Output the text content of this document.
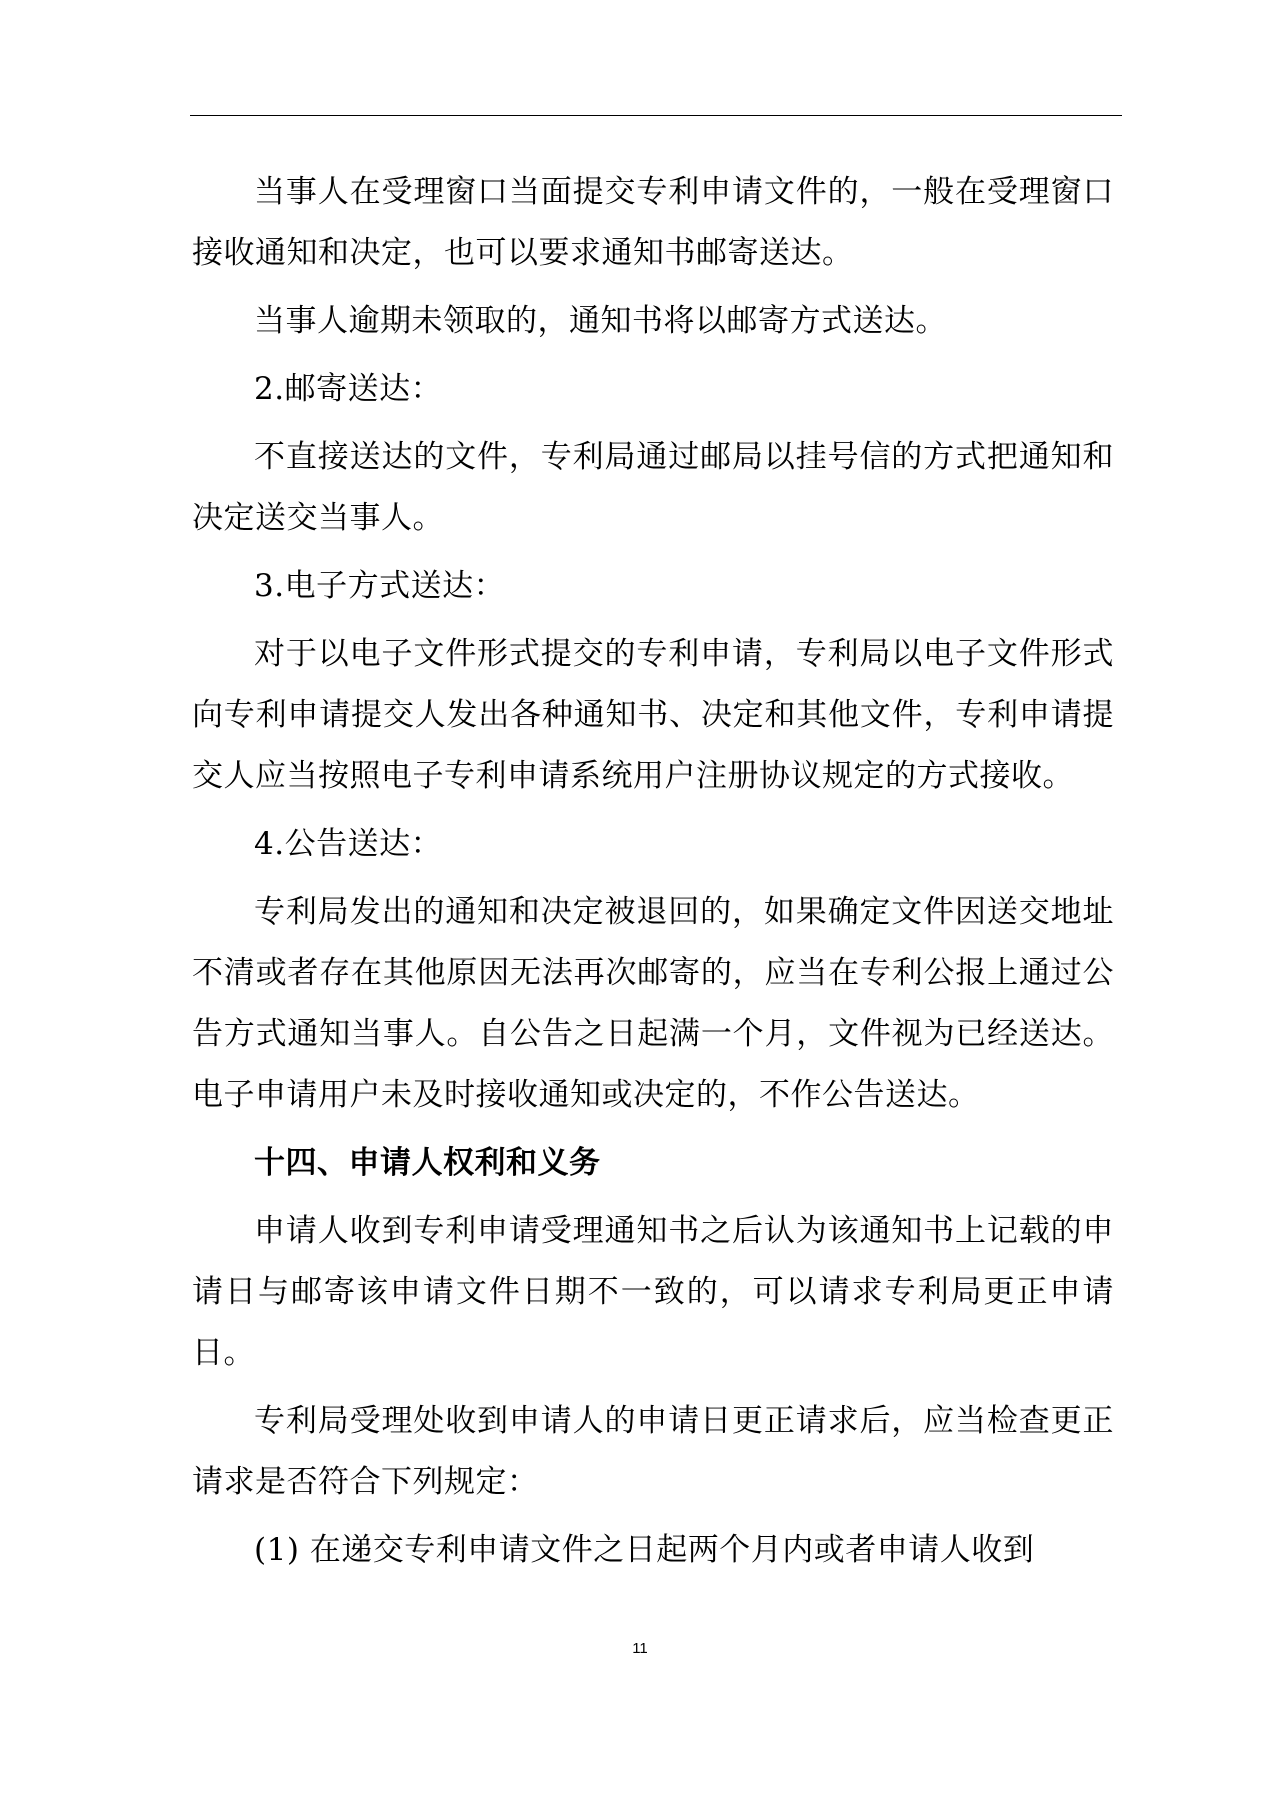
当事人在受理窗口当面提交专利申请文件的，一般在受理窗口接收通知和决定，也可以要求通知书邮寄送达。

当事人逾期未领取的，通知书将以邮寄方式送达。

2.邮寄送达：

不直接送达的文件，专利局通过邮局以挂号信的方式把通知和决定送交当事人。

3.电子方式送达：

对于以电子文件形式提交的专利申请，专利局以电子文件形式向专利申请提交人发出各种通知书、决定和其他文件，专利申请提交人应当按照电子专利申请系统用户注册协议规定的方式接收。

4.公告送达：

专利局发出的通知和决定被退回的，如果确定文件因送交地址不清或者存在其他原因无法再次邮寄的，应当在专利公报上通过公告方式通知当事人。自公告之日起满一个月，文件视为已经送达。电子申请用户未及时接收通知或决定的，不作公告送达。

十四、申请人权利和义务

申请人收到专利申请受理通知书之后认为该通知书上记载的申请日与邮寄该申请文件日期不一致的，可以请求专利局更正申请日。

专利局受理处收到申请人的申请日更正请求后，应当检查更正请求是否符合下列规定：

(1) 在递交专利申请文件之日起两个月内或者申请人收到

11
